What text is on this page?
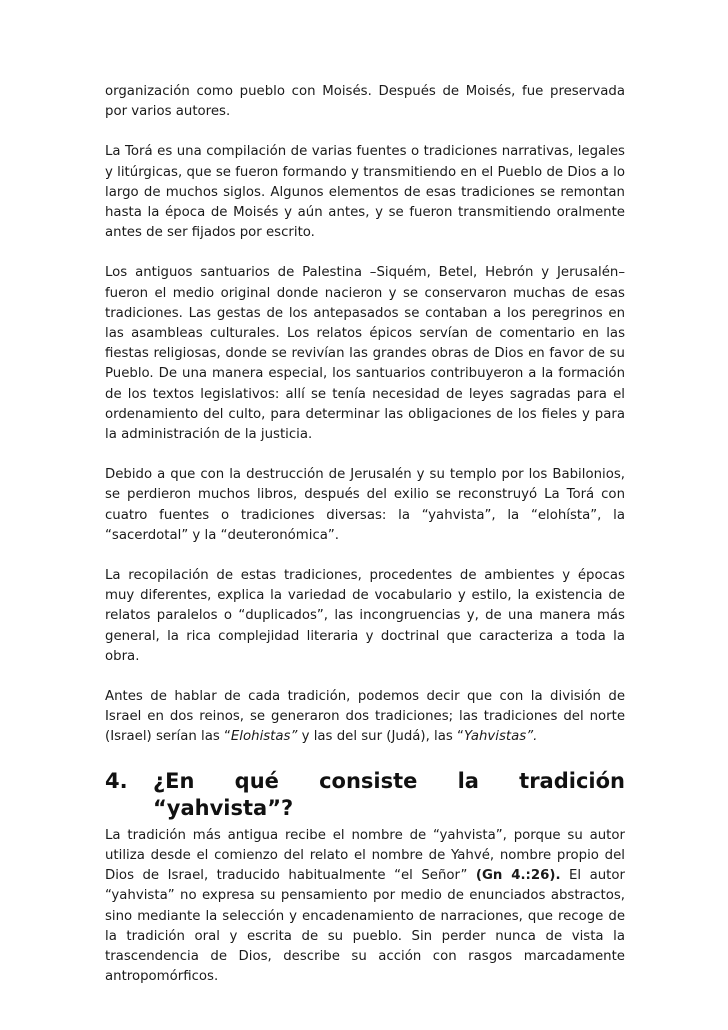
organización como pueblo con Moisés. Después de Moisés, fue preservada por varios autores.

La Torá es una compilación de varias fuentes o tradiciones narrativas, legales y litúrgicas, que se fueron formando y transmitiendo en el Pueblo de Dios a lo largo de muchos siglos. Algunos elementos de esas tradiciones se remontan hasta la época de Moisés y aún antes, y se fueron transmitiendo oralmente antes de ser fijados por escrito.

Los antiguos santuarios de Palestina –Siquém, Betel, Hebrón y Jerusalén– fueron el medio original donde nacieron y se conservaron muchas de esas tradiciones. Las gestas de los antepasados se contaban a los peregrinos en las asambleas culturales. Los relatos épicos servían de comentario en las fiestas religiosas, donde se revivían las grandes obras de Dios en favor de su Pueblo. De una manera especial, los santuarios contribuyeron a la formación de los textos legislativos: allí se tenía necesidad de leyes sagradas para el ordenamiento del culto, para determinar las obligaciones de los fieles y para la administración de la justicia.

Debido a que con la destrucción de Jerusalén y su templo por los Babilonios, se perdieron muchos libros, después del exilio se reconstruyó La Torá con cuatro fuentes o tradiciones diversas: la “yahvista”, la “elohísta”, la “sacerdotal” y la “deuteronómica”.

La recopilación de estas tradiciones, procedentes de ambientes y épocas muy diferentes, explica la variedad de vocabulario y estilo, la existencia de relatos paralelos o “duplicados”, las incongruencias y, de una manera más general, la rica complejidad literaria y doctrinal que caracteriza a toda la obra.

Antes de hablar de cada tradición, podemos decir que con la división de Israel en dos reinos, se generaron dos tradiciones; las tradiciones del norte (Israel) serían las “Elohistas” y las del sur (Judá), las “Yahvistas”.

4.	¿En qué consiste la tradición
“yahvista”?

La tradición más antigua recibe el nombre de “yahvista”, porque su autor utiliza desde el comienzo del relato el nombre de Yahvé, nombre propio del Dios de Israel, traducido habitualmente “el Señor” (Gn 4.:26). El autor “yahvista” no expresa su pensamiento por medio de enunciados abstractos, sino mediante la selección y encadenamiento de narraciones, que recoge de la tradición oral y escrita de su pueblo. Sin perder nunca de vista la trascendencia de Dios, describe su acción con rasgos marcadamente antropomórficos.
